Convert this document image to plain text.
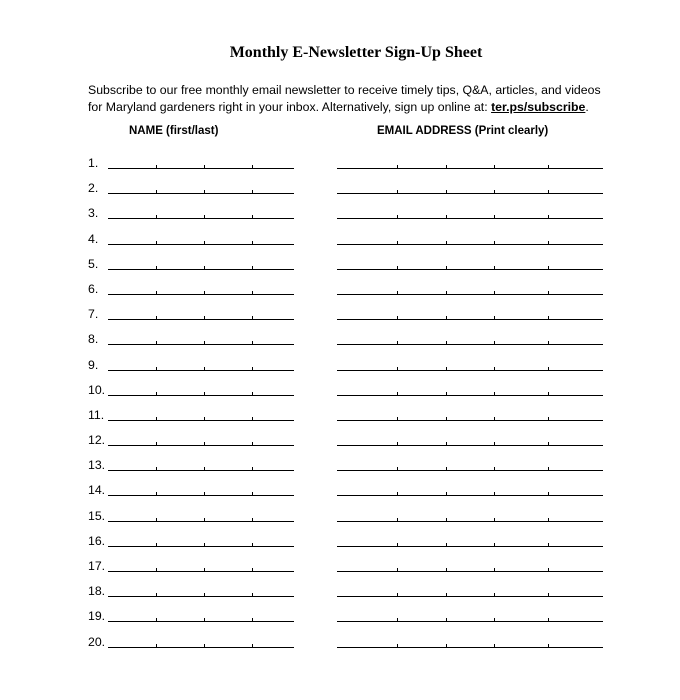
Monthly E-Newsletter Sign-Up Sheet
Subscribe to our free monthly email newsletter to receive timely tips, Q&A, articles, and videos for Maryland gardeners right in your inbox. Alternatively, sign up online at: ter.ps/subscribe.
NAME (first/last)	EMAIL ADDRESS (Print clearly)
1.
2.
3.
4.
5.
6.
7.
8.
9.
10.
11.
12.
13.
14.
15.
16.
17.
18.
19.
20.
